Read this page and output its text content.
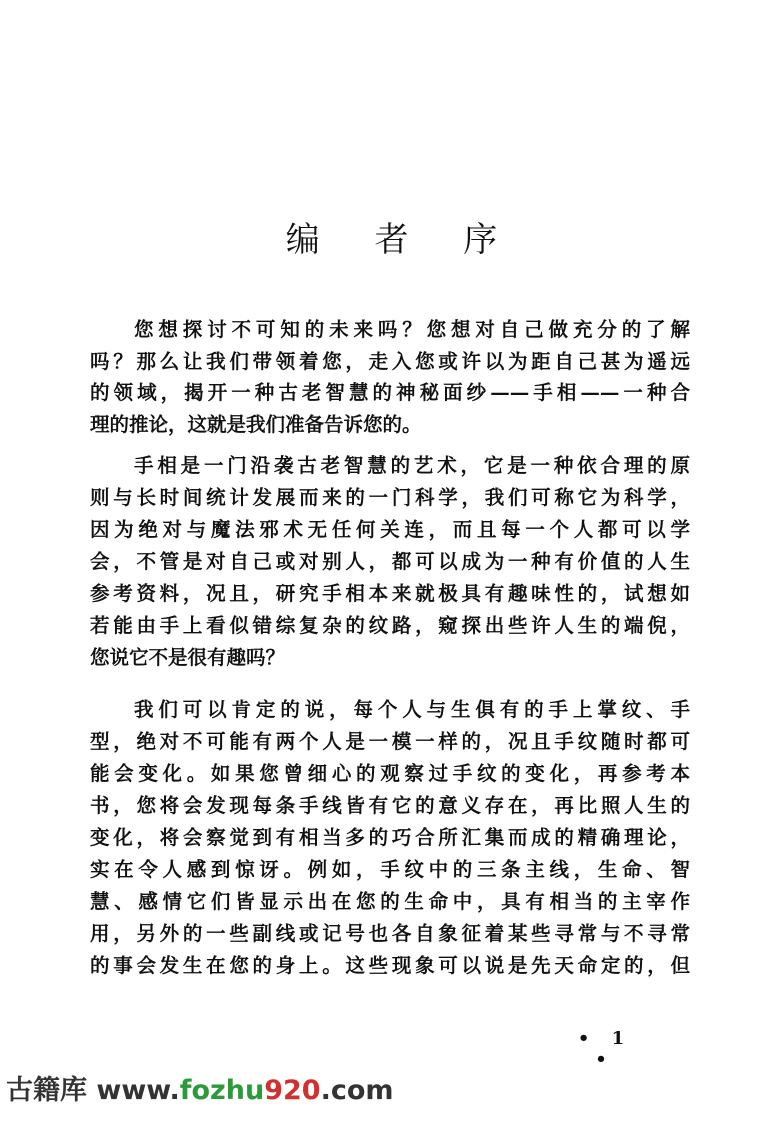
编 者 序
您想探讨不可知的未来吗？您想对自己做充分的了解
吗？那么让我们带领着您，走入您或许以为距自己甚为遥远
的领域，揭开一种古老智慧的神秘面纱——手相——一种合
理的推论，这就是我们准备告诉您的。
手相是一门沿袭古老智慧的艺术，它是一种依合理的原
则与长时间统计发展而来的一门科学，我们可称它为科学，
因为绝对与魔法邪术无任何关连，而且每一个人都可以学
会，不管是对自己或对别人，都可以成为一种有价值的人生
参考资料，况且，研究手相本来就极具有趣味性的，试想如
若能由手上看似错综复杂的纹路，窥探出些许人生的端倪，
您说它不是很有趣吗？
我们可以肯定的说，每个人与生俱有的手上掌纹、手
型，绝对不可能有两个人是一模一样的，况且手纹随时都可
能会变化。如果您曾细心的观察过手纹的变化，再参考本
书，您将会发现每条手线皆有它的意义存在，再比照人生的
变化，将会察觉到有相当多的巧合所汇集而成的精确理论，
实在令人感到惊讶。例如，手纹中的三条主线，生命、智
慧、感情它们皆显示出在您的生命中，具有相当的主宰作
用，另外的一些副线或记号也各自象征着某些寻常与不寻常
的事会发生在您的身上。这些现象可以说是先天命定的，但
• 1 •
古籍库 www.fozhu920.com
